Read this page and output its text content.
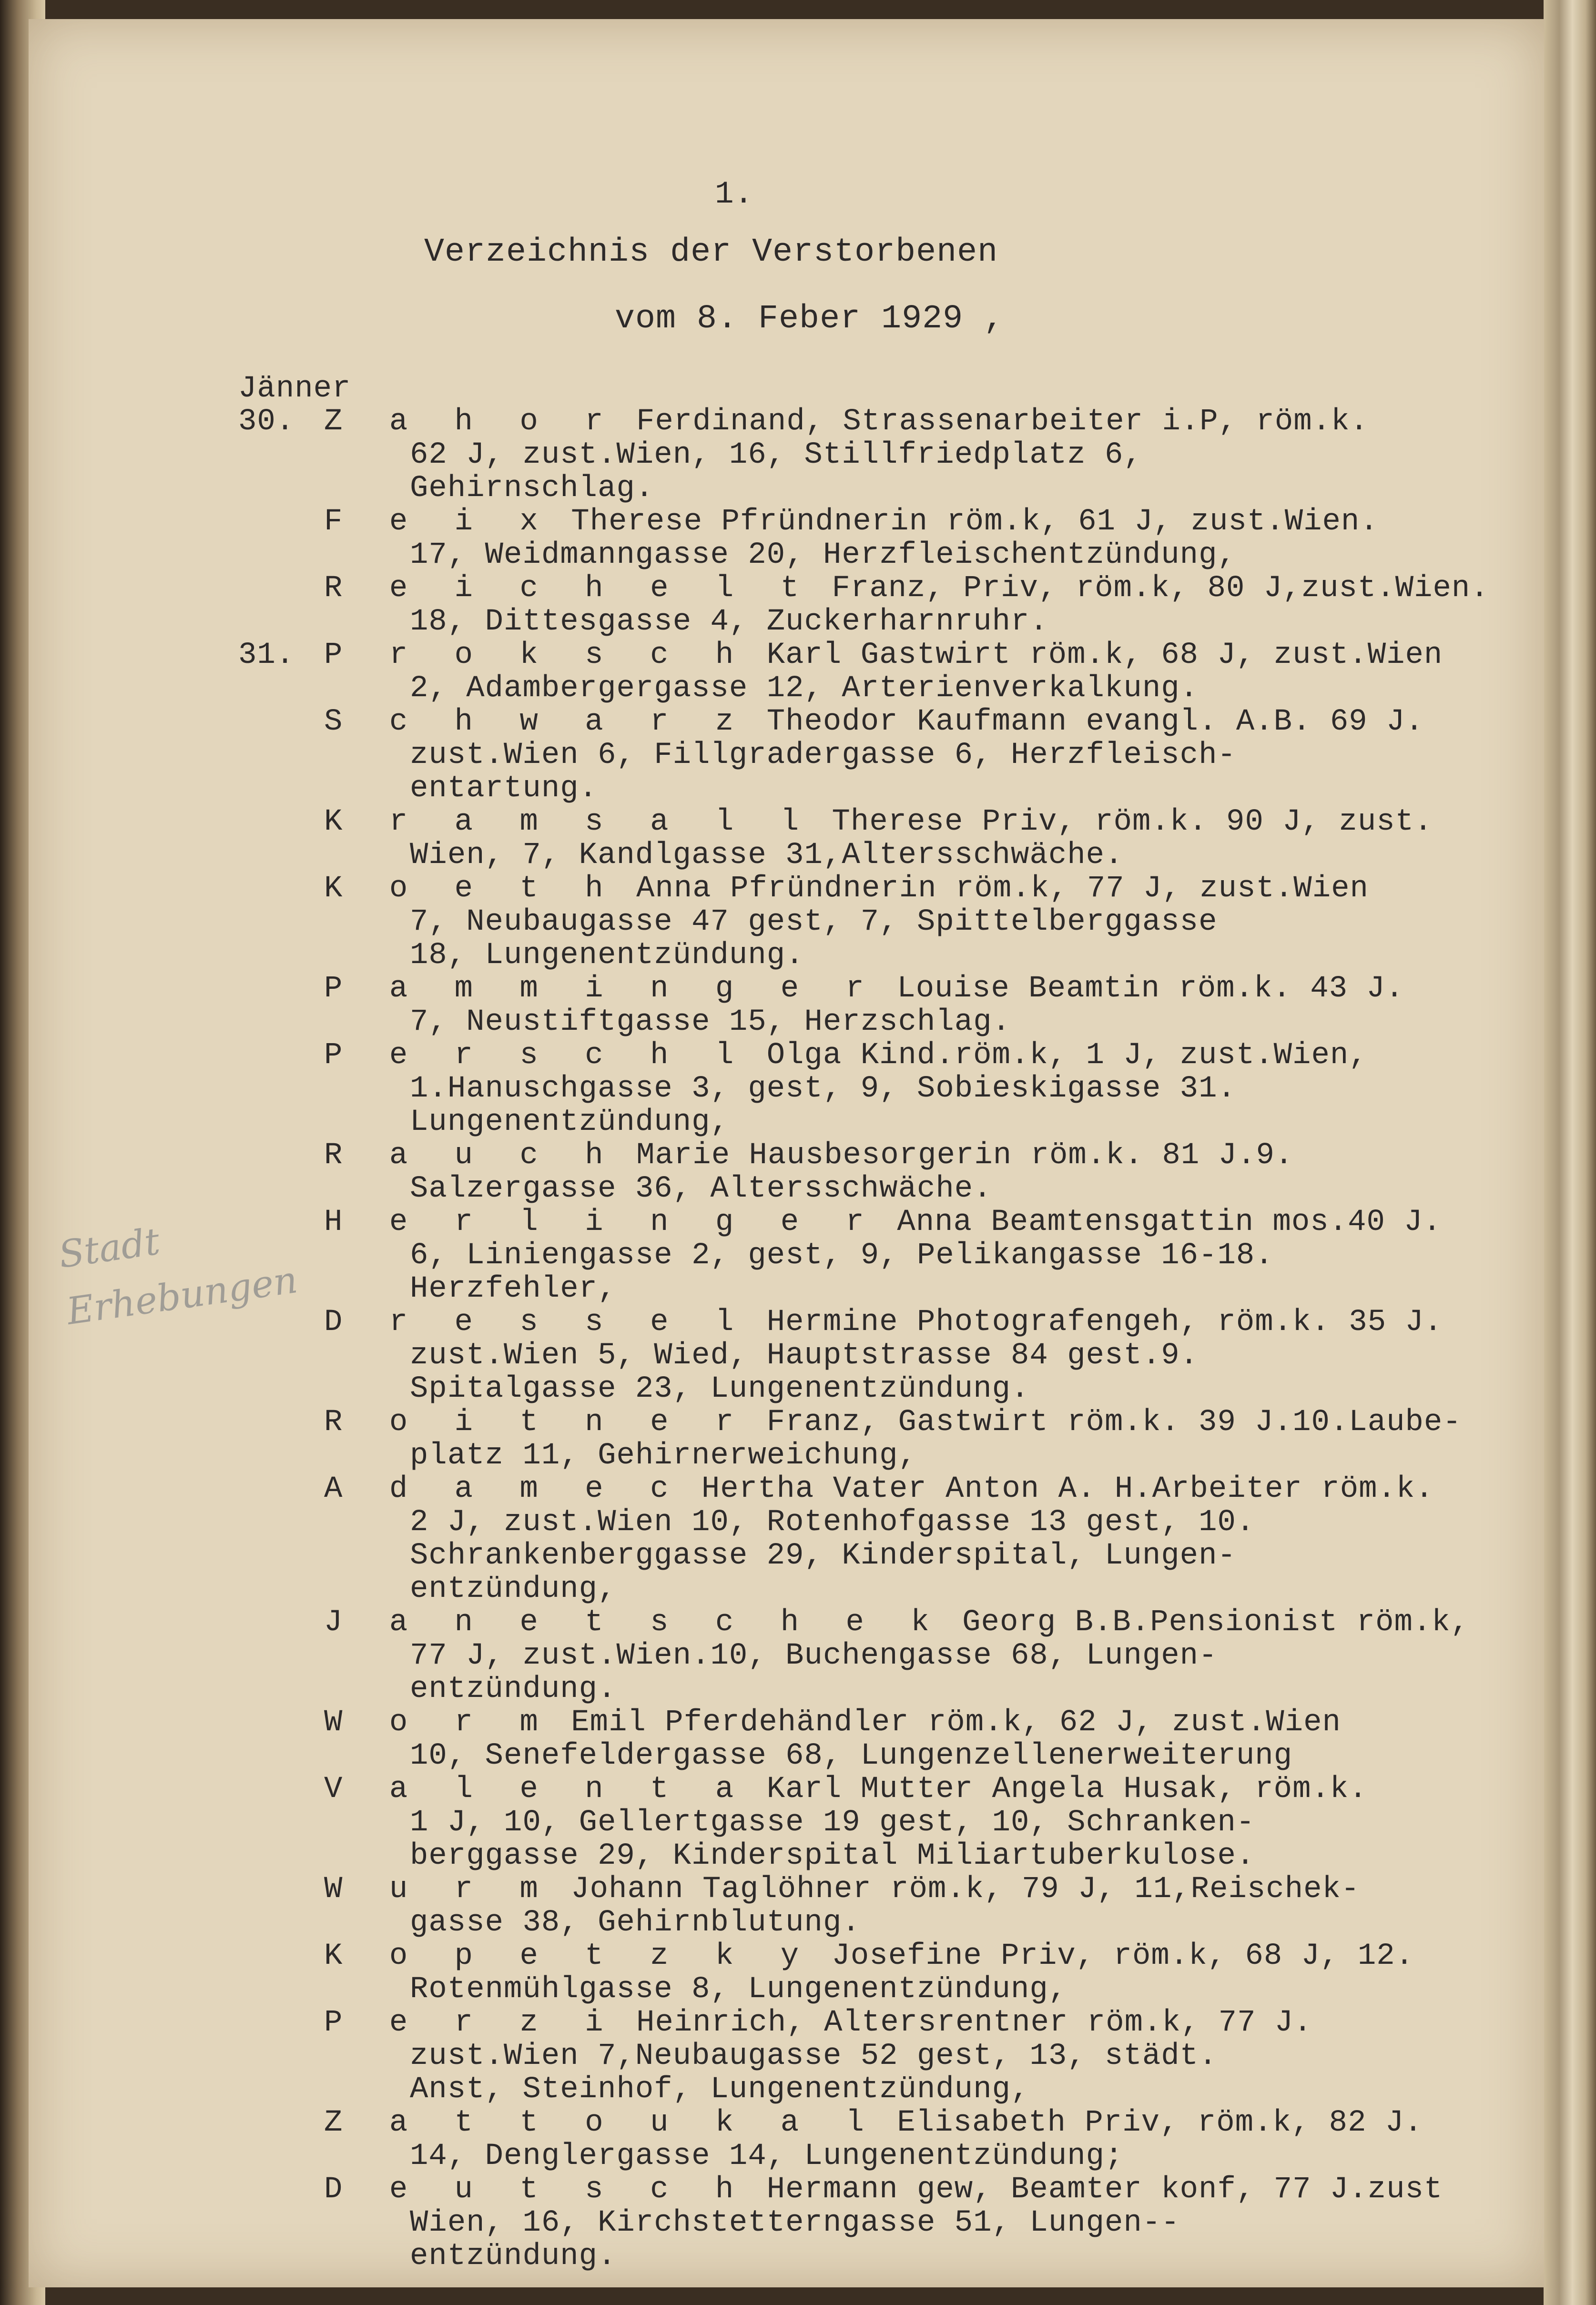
1.
Verzeichnis der Verstorbenen
vom 8. Feber 1929 ,
Stadt
Erhebungen
Jänner
30. Z a h o r Ferdinand, Strassenarbeiter i.P, röm.k.
62 J, zust.Wien, 16, Stillfriedplatz 6,
Gehirnschlag.
F e i x Therese Pfründnerin röm.k, 61 J, zust.Wien.
17, Weidmanngasse 20, Herzfleischentzündung,
R e i c h e l t Franz, Priv, röm.k, 80 J,zust.Wien.
18, Dittesgasse 4, Zuckerharnruhr.
31. P r o k s c h Karl Gastwirt röm.k, 68 J, zust.Wien
2, Adambergergasse 12, Arterienverkalkung.
S c h w a r z Theodor Kaufmann evangl. A.B. 69 J.
zust.Wien 6, Fillgradergasse 6, Herzfleisch-
entartung.
K r a m s a l l Therese Priv, röm.k. 90 J, zust.
Wien, 7, Kandlgasse 31,Altersschwäche.
K o e t h Anna Pfründnerin röm.k, 77 J, zust.Wien
7, Neubaugasse 47 gest, 7, Spittelberggasse
18, Lungenentzündung.
P a m m i n g e r Louise Beamtin röm.k. 43 J.
7, Neustiftgasse 15, Herzschlag.
P e r s c h l Olga Kind.röm.k, 1 J, zust.Wien,
1.Hanuschgasse 3, gest, 9, Sobieskigasse 31.
Lungenentzündung,
R a u c h Marie Hausbesorgerin röm.k. 81 J.9.
Salzergasse 36, Altersschwäche.
H e r l i n g e r Anna Beamtensgattin mos.40 J.
6, Liniengasse 2, gest, 9, Pelikangasse 16-18.
Herzfehler,
D r e s s e l Hermine Photografengeh, röm.k. 35 J.
zust.Wien 5, Wied, Hauptstrasse 84 gest.9.
Spitalgasse 23, Lungenentzündung.
R o i t n e r Franz, Gastwirt röm.k. 39 J.10.Laube-
platz 11, Gehirnerweichung,
A d a m e c Hertha Vater Anton A. H.Arbeiter röm.k.
2 J, zust.Wien 10, Rotenhofgasse 13 gest, 10.
Schrankenberggasse 29, Kinderspital, Lungen-
entzündung,
J a n e t s c h e k Georg B.B.Pensionist röm.k,
77 J, zust.Wien.10, Buchengasse 68, Lungen-
entzündung.
W o r m Emil Pferdehändler röm.k, 62 J, zust.Wien
10, Senefeldergasse 68, Lungenzellenerweiterung
V a l e n t a Karl Mutter Angela Husak, röm.k.
1 J, 10, Gellertgasse 19 gest, 10, Schranken-
berggasse 29, Kinderspital Miliartuberkulose.
W u r m Johann Taglöhner röm.k, 79 J, 11,Reischek-
gasse 38, Gehirnblutung.
K o p e t z k y Josefine Priv, röm.k, 68 J, 12.
Rotenmühlgasse 8, Lungenentzündung,
P e r z i Heinrich, Altersrentner röm.k, 77 J.
zust.Wien 7,Neubaugasse 52 gest, 13, städt.
Anst, Steinhof, Lungenentzündung,
Z a t t o u k a l Elisabeth Priv, röm.k, 82 J.
14, Denglergasse 14, Lungenentzündung;
D e u t s c h Hermann gew, Beamter konf, 77 J.zust
Wien, 16, Kirchstetterngasse 51, Lungen--
entzündung.
